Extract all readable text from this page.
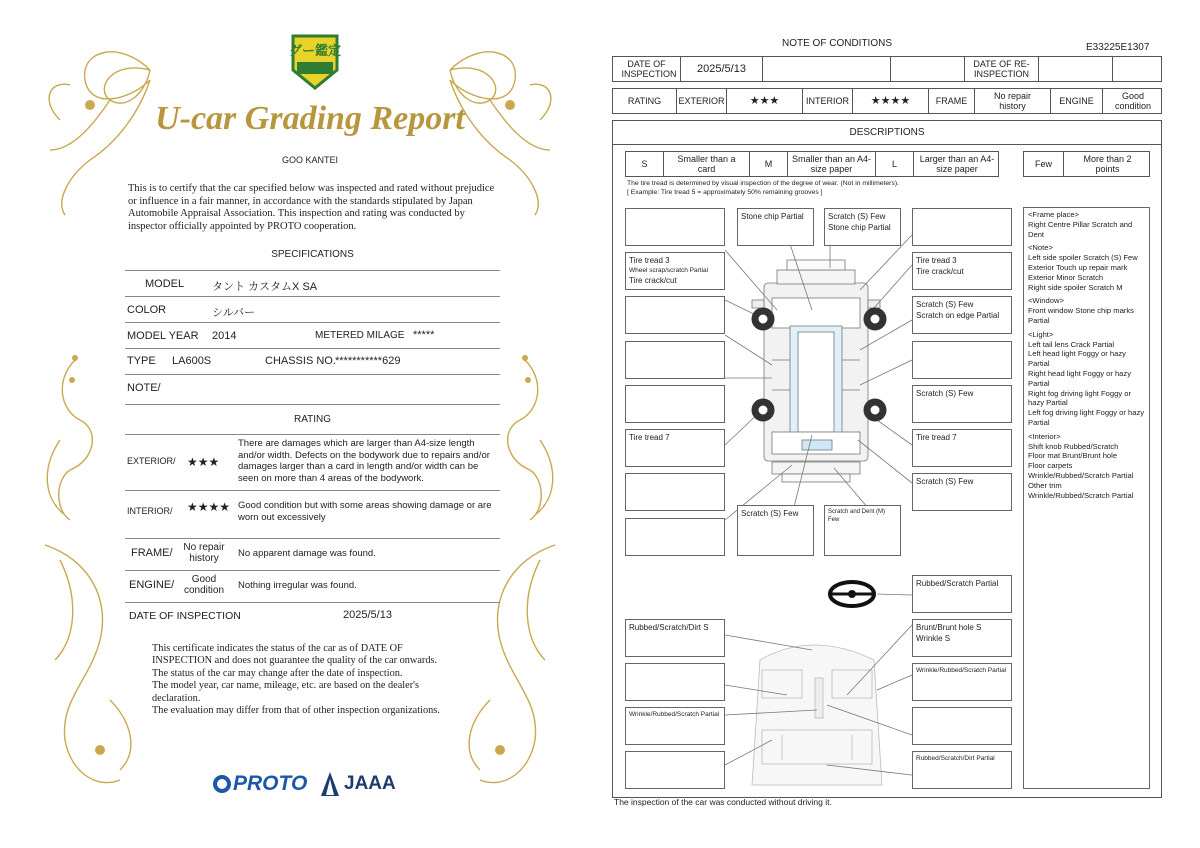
グー鑑定
U-car Grading Report
GOO KANTEI
This is to certify that the car specified below was inspected and rated without prejudice or influence in a fair manner, in accordance with the standards stipulated by Japan Automobile Appraisal Association. This inspection and rating was conducted by inspector officially appointed by PROTO cooperation.
SPECIFICATIONS
MODEL	タント カスタムX SA
COLOR	シルバー
MODEL YEAR 2014	METERED MILAGE *****
TYPE LA600S	CHASSIS NO. ***********629
NOTE/
RATING
EXTERIOR/ ★★★
There are damages which are larger than A4-size length and/or width. Defects on the bodywork due to repairs and/or damages larger than a card in length and/or width can be seen on more than 4 areas of the bodywork.
INTERIOR/ ★★★★ Good condition but with some areas showing damage or are worn out excessively
FRAME/	No repair history	No apparent damage was found.
ENGINE/	Good condition	Nothing irregular was found.
DATE OF INSPECTION	2025/5/13
This certificate indicates the status of the car as of DATE OF
INSPECTION and does not guarantee the quality of the car onwards.
The status of the car may change after the date of inspection.
The model year, car name, mileage, etc. are based on the dealer's
declaration.
The evaluation may differ from that of other inspection organizations.
PROTO JAAA
NOTE OF CONDITIONS	E33225E1307
DATE OF INSPECTION	2025/5/13	DATE OF RE-INSPECTION
RATING	EXTERIOR	★★★	INTERIOR	★★★★	FRAME	No repair history	ENGINE	Good condition
DESCRIPTIONS
S	Smaller than a card	M	Smaller than an A4-size paper	L	Larger than an A4-size paper	Few	More than 2 points
The tire tread is determined by visual inspection of the degree of wear. (Not in millimeters).
[ Example: Tire tread 5 = approximately 50% remaining grooves ]
Tire tread 3
Wheel scrap/scratch Partial
Tire crack/cut
Tire tread 7
Stone chip Partial	Scratch (S) Few
Stone chip Partial
Scratch (S) Few	Scratch and Dent (M) Few
Tire tread 3
Tire crack/cut
Scratch (S) Few
Scratch on edge Partial
Scratch (S) Few
Tire tread 7
Scratch (S) Few
Rubbed/Scratch Partial
Rubbed/Scratch/Dirt S	Brunt/Brunt hole S
Wrinkle S
Wrinkle/Rubbed/Scratch Partial
Wrinkle/Rubbed/Scratch Partial
Rubbed/Scratch/Dirt Partial
<Frame place>
Right Centre Pillar Scratch and Dent

<Note>
Left side spoiler Scratch (S) Few
Exterior Touch up repair mark
Exterior Minor Scratch
Right side spoiler Scratch M

<Window>
Front window Stone chip marks Partial

<Light>
Left tail lens Crack Partial
Left head light Foggy or hazy Partial
Right head light Foggy or hazy Partial
Right fog driving light Foggy or hazy Partial
Left fog driving light Foggy or hazy Partial

<Interior>
Shift knob Rubbed/Scratch
Floor mat Brunt/Brunt hole
Floor carpets
Wrinkle/Rubbed/Scratch Partial
Other trim
Wrinkle/Rubbed/Scratch Partial
The inspection of the car was conducted without driving it.
